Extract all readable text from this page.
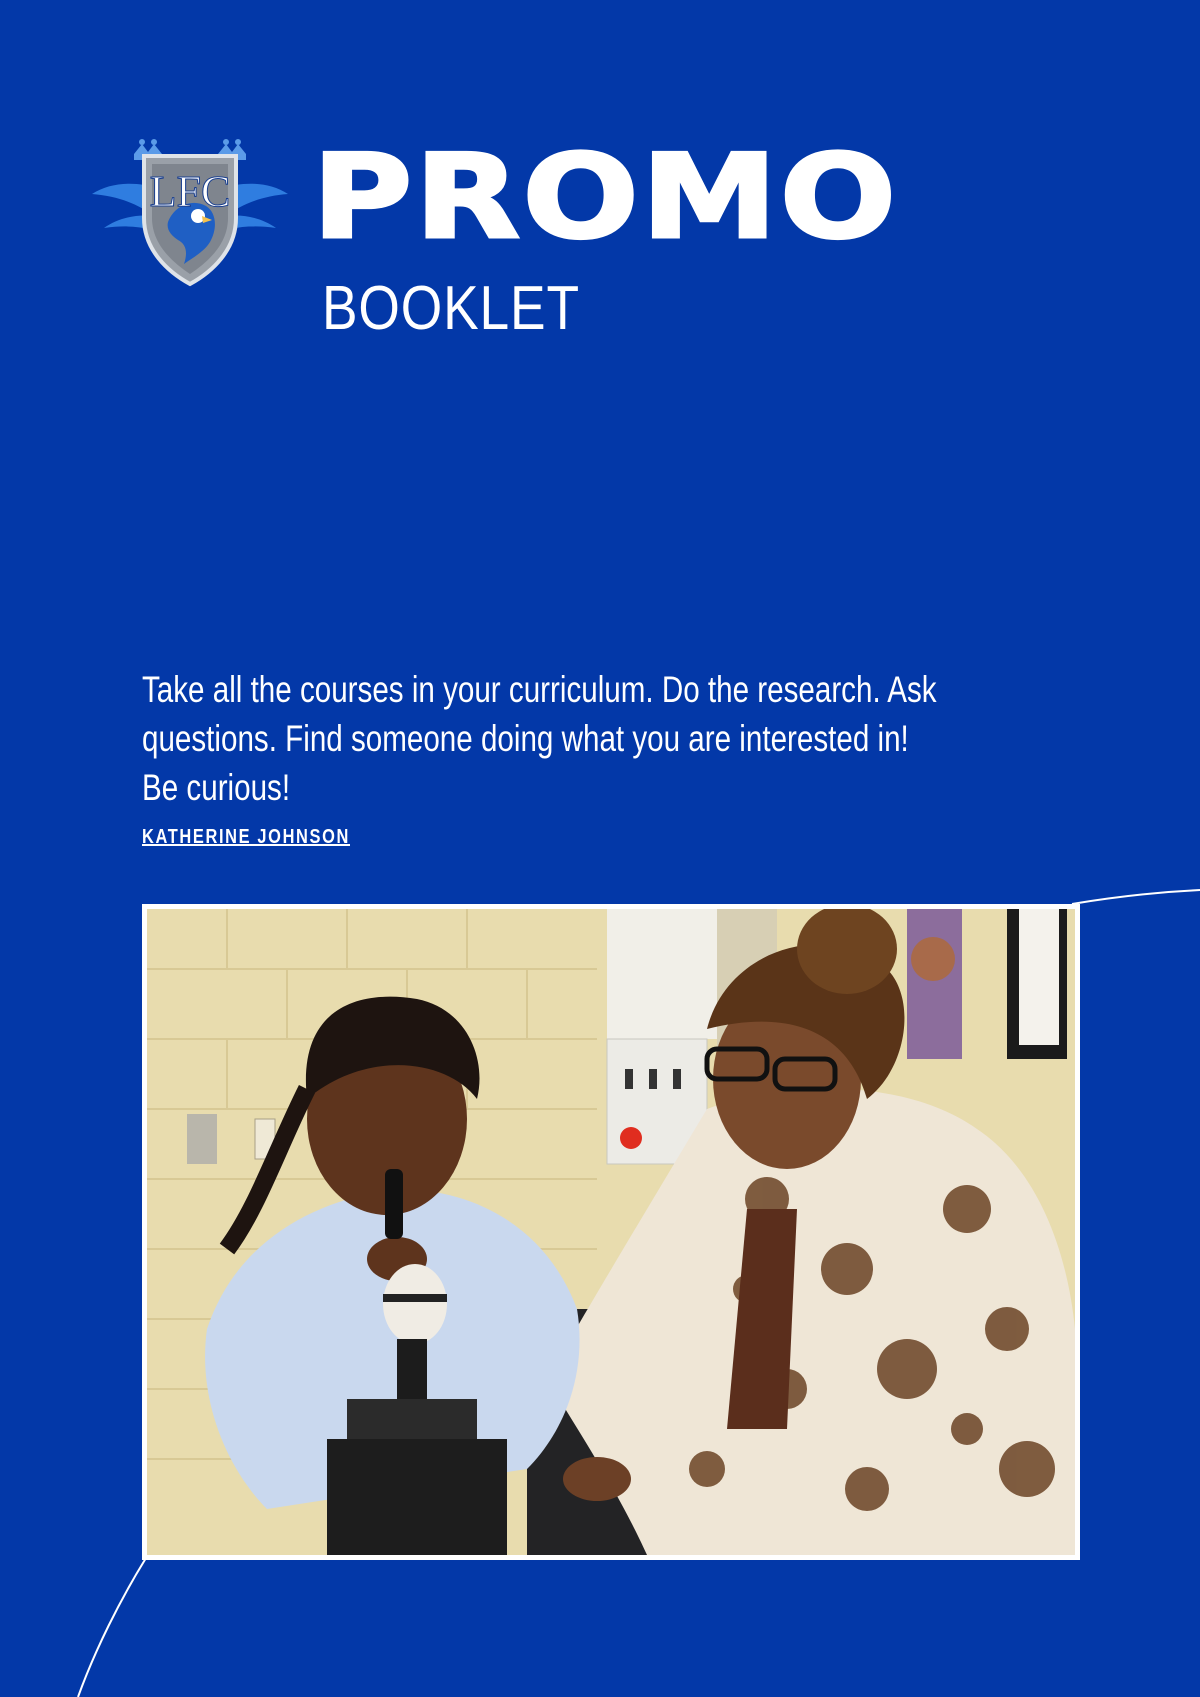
LFC PROMO
BOOKLET
Take all the courses in your curriculum. Do the research. Ask
questions. Find someone doing what you are interested in!
Be curious!
KATHERINE JOHNSON
